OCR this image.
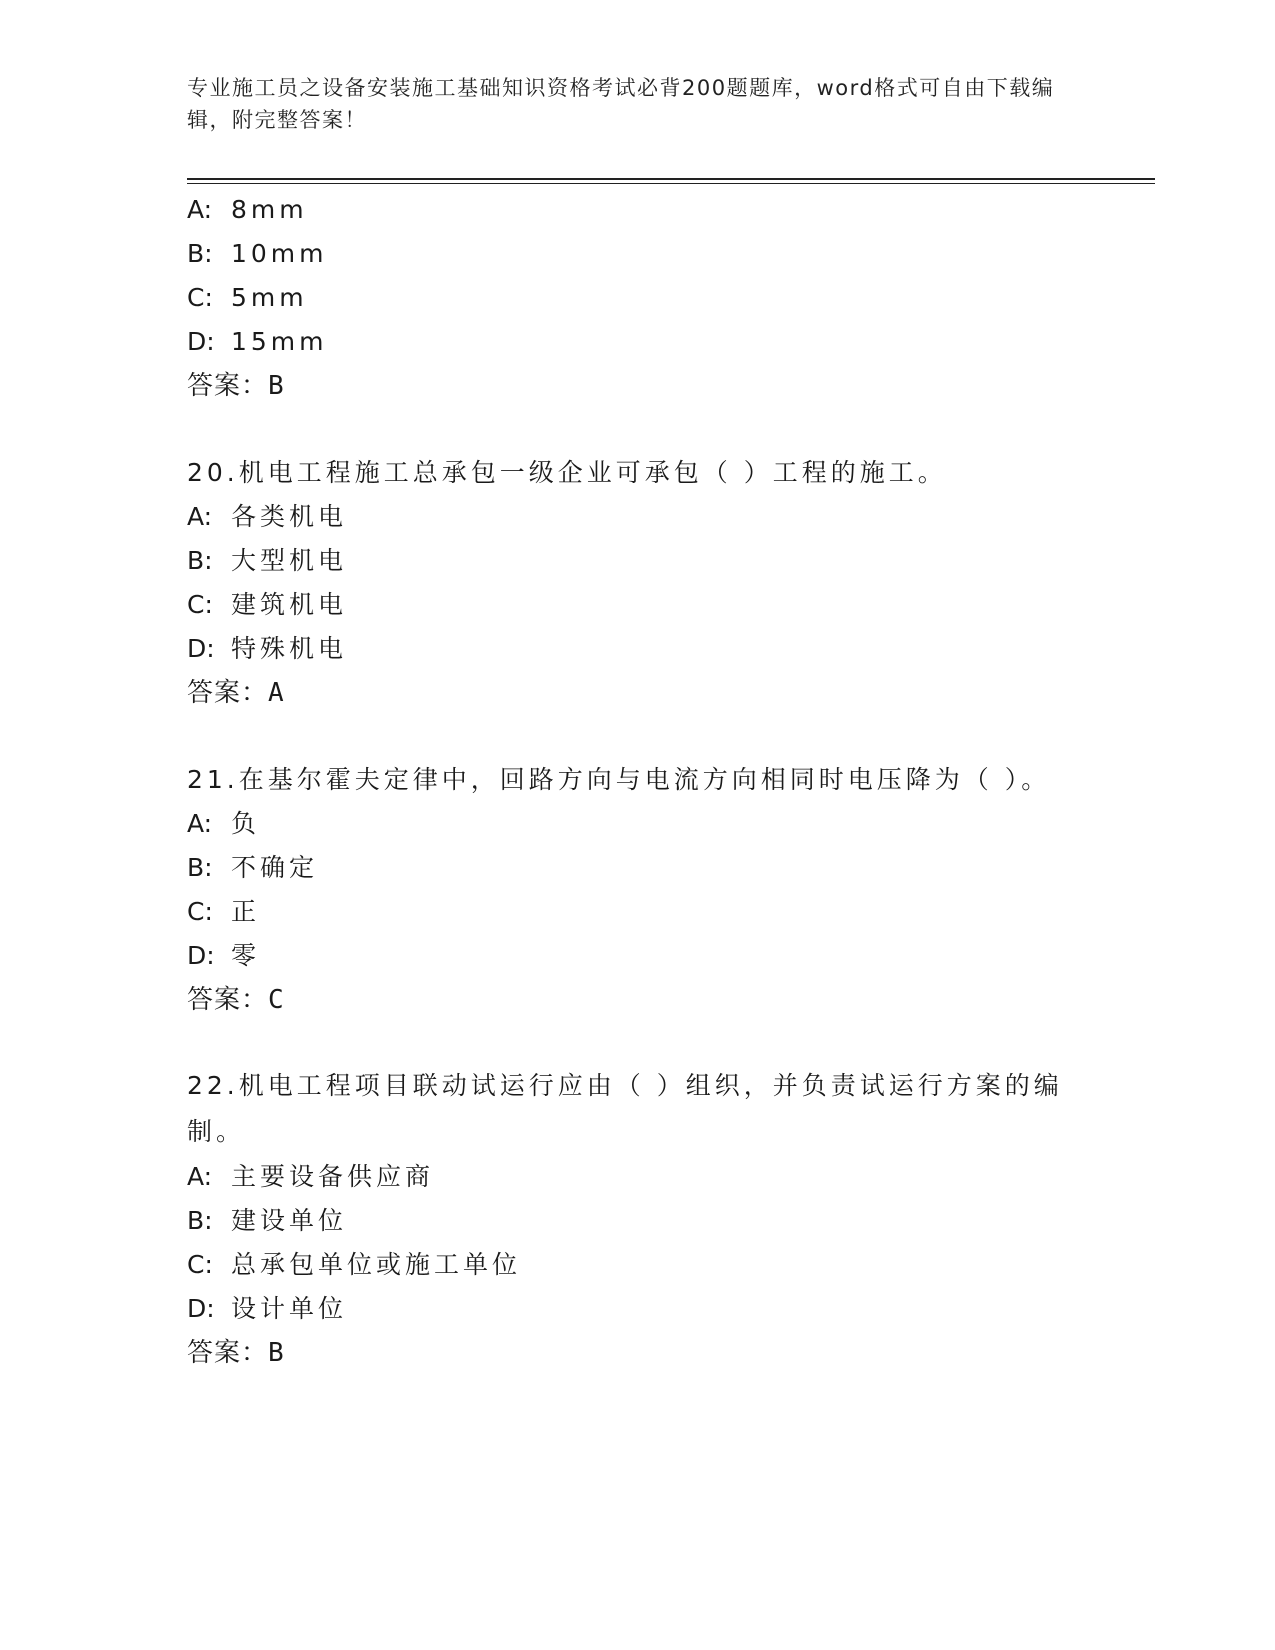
专业施工员之设备安装施工基础知识资格考试必背200题题库，word格式可自由下载编辑，附完整答案！
A: 8mm
B: 10mm
C: 5mm
D: 15mm
答案：B
20.机电工程施工总承包一级企业可承包（ ）工程的施工。
A: 各类机电
B: 大型机电
C: 建筑机电
D: 特殊机电
答案：A
21.在基尔霍夫定律中，回路方向与电流方向相同时电压降为（ ）。
A: 负
B: 不确定
C: 正
D: 零
答案：C
22.机电工程项目联动试运行应由（ ）组织，并负责试运行方案的编制。
A: 主要设备供应商
B: 建设单位
C: 总承包单位或施工单位
D: 设计单位
答案：B
